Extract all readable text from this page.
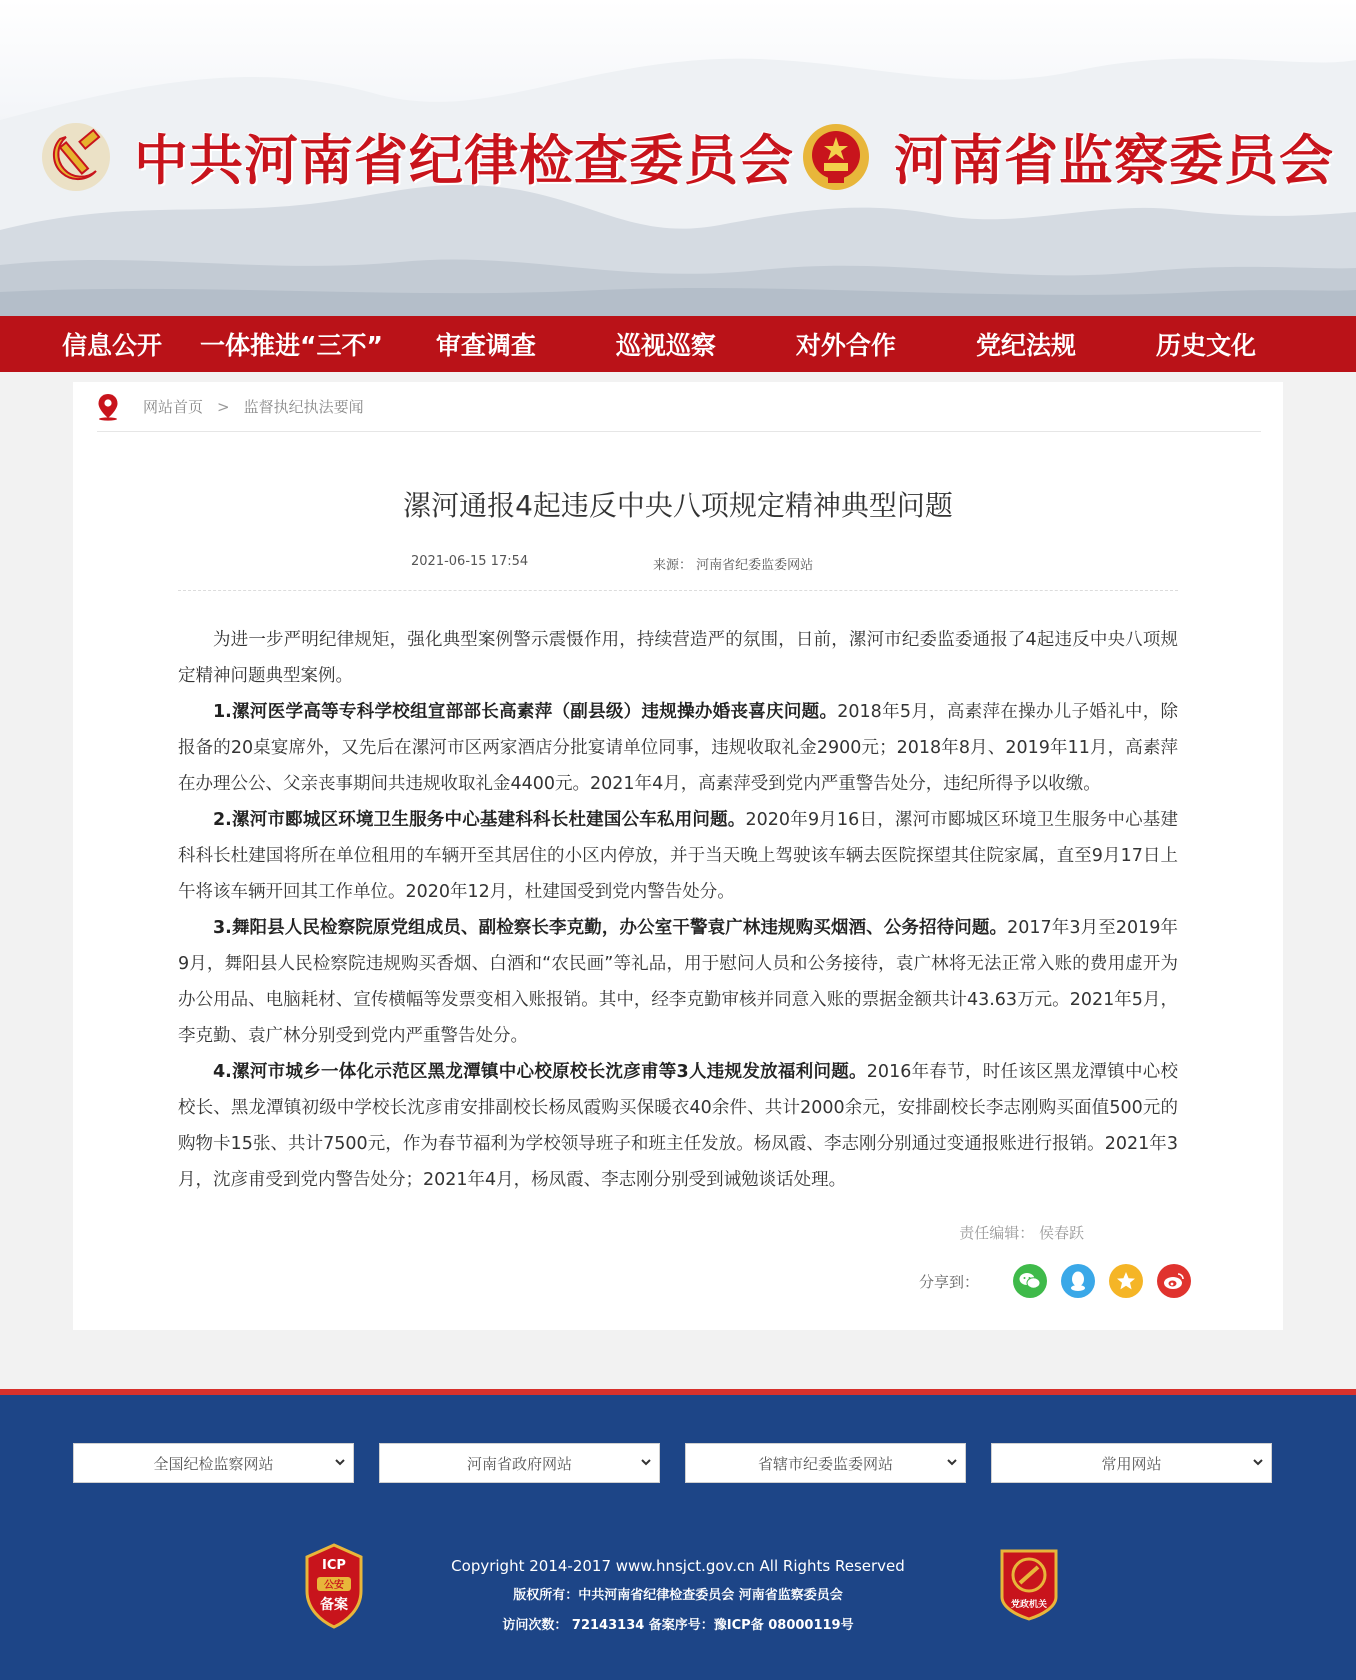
中共河南省纪律检查委员会 河南省监察委员会
信息公开 一体推进“三不” 审查调查	巡视巡察	对外合作	党纪法规	历史文化
网站首页 > 监督执纪执法要闻
漯河通报4起违反中央八项规定精神典型问题
2021-06-15 17:54	来源： 河南省纪委监委网站

为进一步严明纪律规矩，强化典型案例警示震慑作用，持续营造严的氛围，日前，漯河市纪委监委通报了4起违反中央八项规定精神问题典型案例。

1.漯河医学高等专科学校组宣部部长高素萍（副县级）违规操办婚丧喜庆问题。2018年5月，高素萍在操办儿子婚礼中，除报备的20桌宴席外，又先后在漯河市区两家酒店分批宴请单位同事，违规收取礼金2900元；2018年8月、2019年11月，高素萍在办理公公、父亲丧事期间共违规收取礼金4400元。2021年4月，高素萍受到党内严重警告处分，违纪所得予以收缴。

2.漯河市郾城区环境卫生服务中心基建科科长杜建国公车私用问题。2020年9月16日，漯河市郾城区环境卫生服务中心基建科科长杜建国将所在单位租用的车辆开至其居住的小区内停放，并于当天晚上驾驶该车辆去医院探望其住院家属，直至9月17日上午将该车辆开回其工作单位。2020年12月，杜建国受到党内警告处分。

3.舞阳县人民检察院原党组成员、副检察长李克勤，办公室干警袁广林违规购买烟酒、公务招待问题。2017年3月至2019年9月，舞阳县人民检察院违规购买香烟、白酒和“农民画”等礼品，用于慰问人员和公务接待，袁广林将无法正常入账的费用虚开为办公用品、电脑耗材、宣传横幅等发票变相入账报销。其中，经李克勤审核并同意入账的票据金额共计43.63万元。2021年5月，李克勤、袁广林分别受到党内严重警告处分。

4.漯河市城乡一体化示范区黑龙潭镇中心校原校长沈彦甫等3人违规发放福利问题。2016年春节，时任该区黑龙潭镇中心校校长、黑龙潭镇初级中学校长沈彦甫安排副校长杨凤霞购买保暖衣40余件、共计2000余元，安排副校长李志刚购买面值500元的购物卡15张、共计7500元，作为春节福利为学校领导班子和班主任发放。杨凤霞、李志刚分别通过变通报账进行报销。2021年3月，沈彦甫受到党内警告处分；2021年4月，杨凤霞、李志刚分别受到诫勉谈话处理。

责任编辑： 侯春跃
分享到：
全国纪检监察网站	河南省政府网站	省辖市纪委监委网站	常用网站
ICP
公安
备案
Copyright 2014-2017 www.hnsjct.gov.cn All Rights Reserved
版权所有：中共河南省纪律检查委员会 河南省监察委员会
访问次数： 72143134 备案序号：豫ICP备 08000119号
党政机关
